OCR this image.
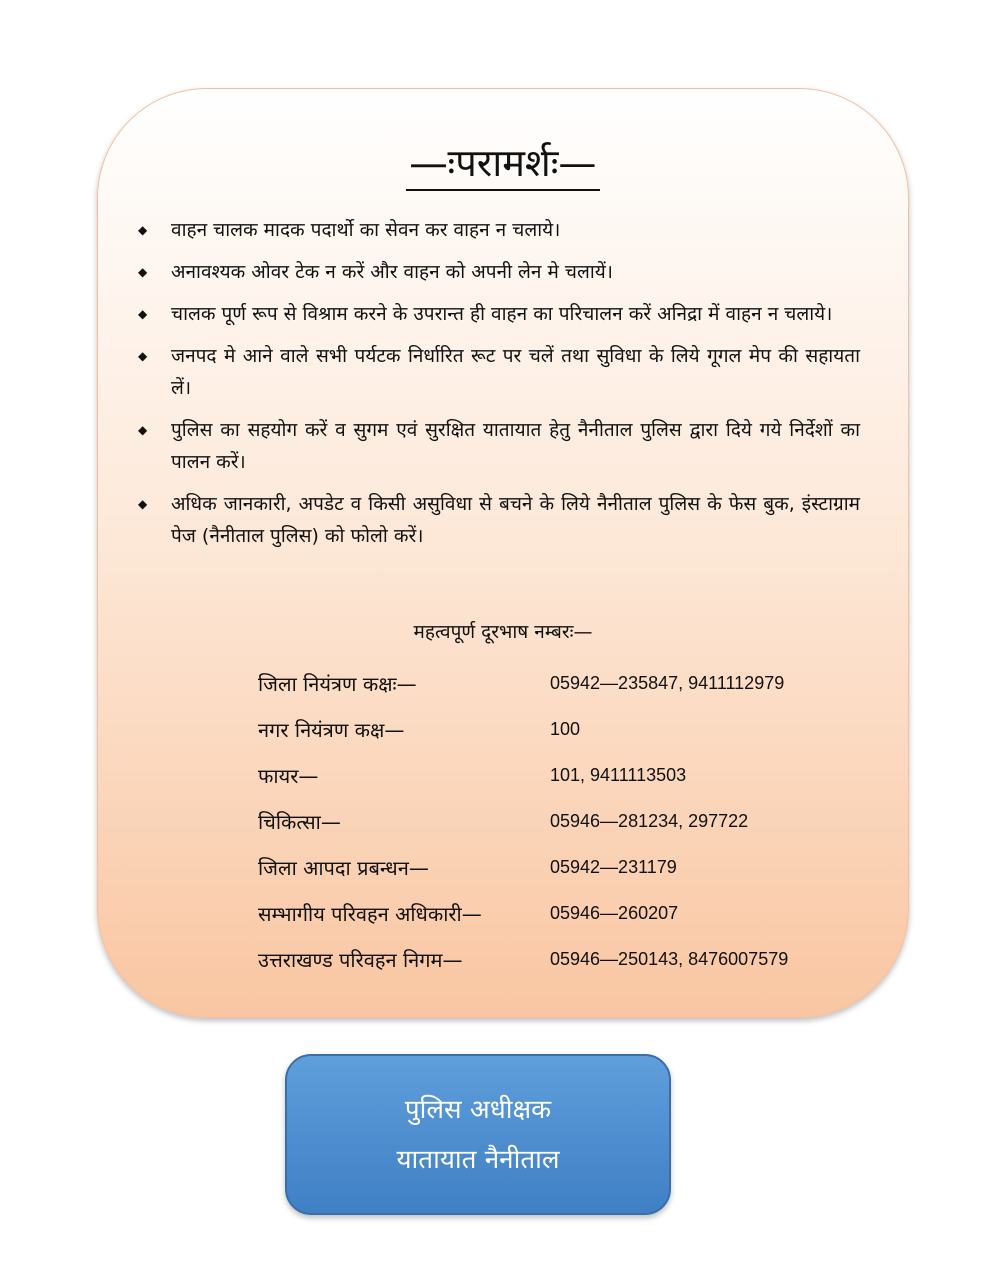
—ःपरामर्शः—
◆ वाहन चालक मादक पदार्थो का सेवन कर वाहन न चलाये।
◆ अनावश्यक ओवर टेक न करें और वाहन को अपनी लेन मे चलायें।
◆ चालक पूर्ण रूप से विश्राम करने के उपरान्त ही वाहन का परिचालन करें अनिद्रा में वाहन न चलाये।
◆ जनपद मे आने वाले सभी पर्यटक निर्धारित रूट पर चलें तथा सुविधा के लिये गूगल मेप की सहायता लें।
◆ पुलिस का सहयोग करें व सुगम एवं सुरक्षित यातायात हेतु नैनीताल पुलिस द्वारा दिये गये निर्देशों का पालन करें।
◆ अधिक जानकारी, अपडेट व किसी असुविधा से बचने के लिये नैनीताल पुलिस के फेस बुक, इंस्टाग्राम पेज (नैनीताल पुलिस) को फोलो करें।
महत्वपूर्ण दूरभाष नम्बरः—
जिला नियंत्रण कक्षः—	05942—235847, 9411112979
नगर नियंत्रण कक्ष—	100
फायर—	101, 9411113503
चिकित्सा—	05946—281234, 297722
जिला आपदा प्रबन्धन—	05942—231179
सम्भागीय परिवहन अधिकारी—	05946—260207
उत्तराखण्ड परिवहन निगम—	05946—250143, 8476007579
पुलिस अधीक्षक
यातायात नैनीताल
